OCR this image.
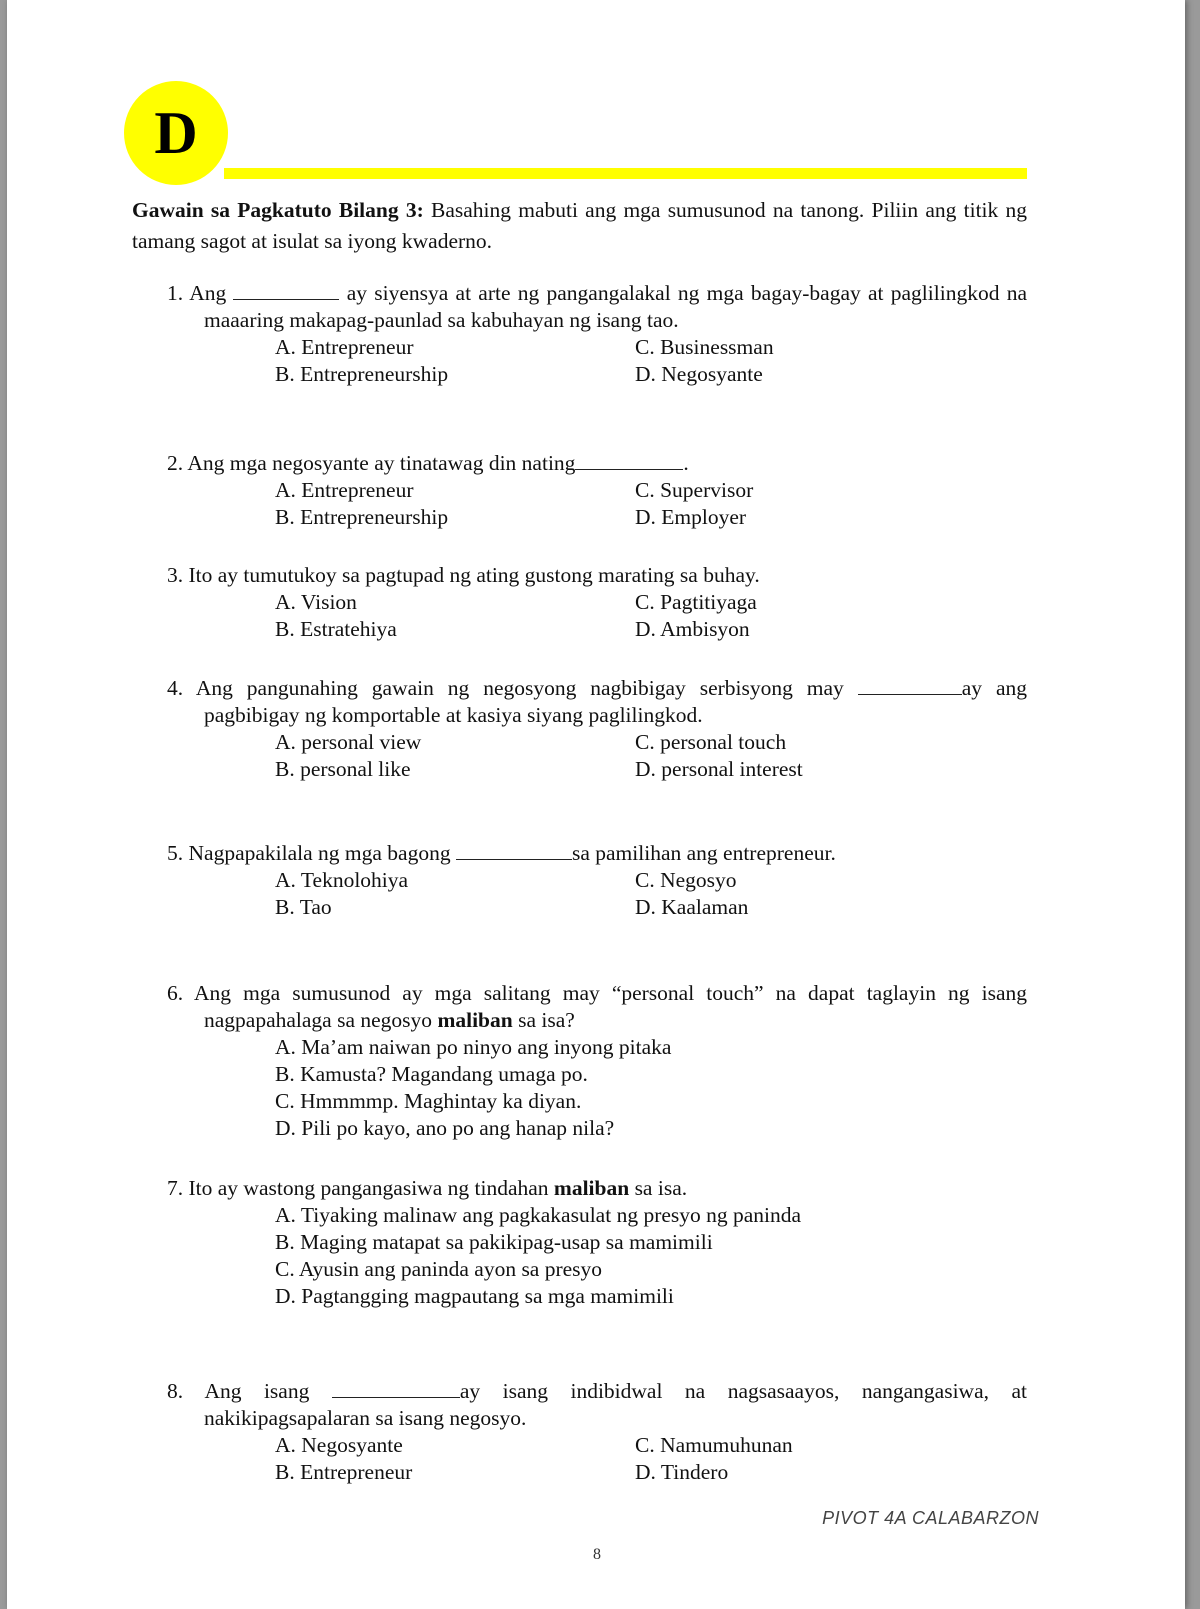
D
Gawain sa Pagkatuto Bilang 3: Basahing mabuti ang mga sumusunod na tanong. Piliin ang titik ng tamang sagot at isulat sa iyong kwaderno.
1. Ang	ay siyensya at arte ng pangangalakal ng mga bagay-bagay at paglilingkod na maaaring makapag-paunlad sa kabuhayan ng isang tao.
A. Entrepreneur	C. Businessman
B. Entrepreneurship	D. Negosyante
2. Ang mga negosyante ay tinatawag din nating	.
A. Entrepreneur	C. Supervisor
B. Entrepreneurship	D. Employer
3. Ito ay tumutukoy sa pagtupad ng ating gustong marating sa buhay.
A. Vision	C. Pagtitiyaga
B. Estratehiya	D. Ambisyon
4. Ang pangunahing gawain ng negosyong nagbibigay serbisyong may	ay ang pagbibigay ng komportable at kasiya siyang paglilingkod.
A. personal view	C. personal touch
B. personal like	D. personal interest
5. Nagpapakilala ng mga bagong	sa pamilihan ang entrepreneur.
A. Teknolohiya	C. Negosyo
B. Tao	D. Kaalaman
6. Ang mga sumusunod ay mga salitang may “personal touch” na dapat taglayin ng isang nagpapahalaga sa negosyo maliban sa isa?
A. Ma’am naiwan po ninyo ang inyong pitaka
B. Kamusta? Magandang umaga po.
C. Hmmmmp. Maghintay ka diyan.
D. Pili po kayo, ano po ang hanap nila?
7. Ito ay wastong pangangasiwa ng tindahan maliban sa isa.
A. Tiyaking malinaw ang pagkakasulat ng presyo ng paninda
B. Maging matapat sa pakikipag-usap sa mamimili
C. Ayusin ang paninda ayon sa presyo
D. Pagtangging magpautang sa mga mamimili
8. Ang isang	ay isang indibidwal na nagsasaayos, nangangasiwa, at nakikipagsapalaran sa isang negosyo.
A. Negosyante	C. Namumuhunan
B. Entrepreneur	D. Tindero
PIVOT 4A CALABARZON
8
